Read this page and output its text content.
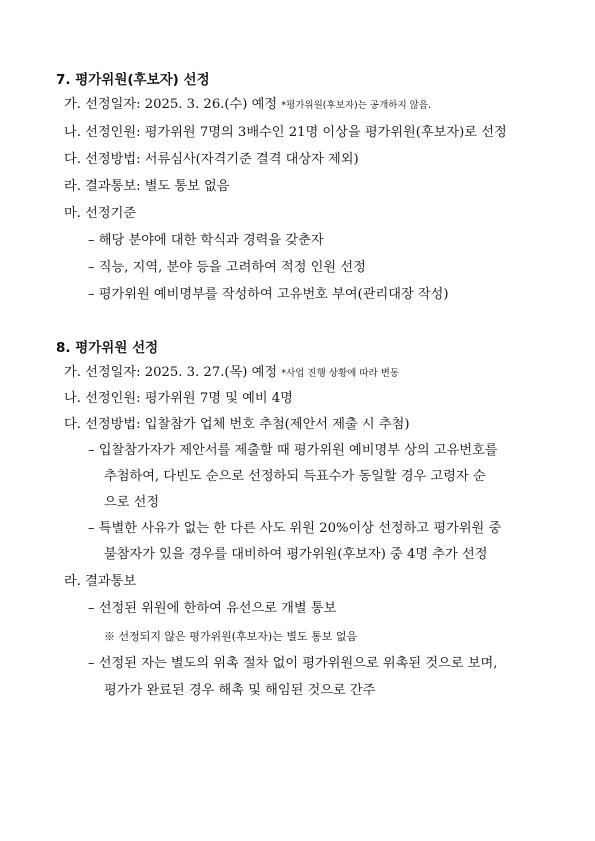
7. 평가위원(후보자) 선정
가. 선정일자: 2025. 3. 26.(수) 예정 *평가위원(후보자)는 공개하지 않음.
나. 선정인원: 평가위원 7명의 3배수인 21명 이상을 평가위원(후보자)로 선정
다. 선정방법: 서류심사(자격기준 결격 대상자 제외)
라. 결과통보: 별도 통보 없음
마. 선정기준
– 해당 분야에 대한 학식과 경력을 갖춘자
– 직능, 지역, 분야 등을 고려하여 적정 인원 선정
– 평가위원 예비명부를 작성하여 고유번호 부여(관리대장 작성)
8. 평가위원 선정
가. 선정일자: 2025. 3. 27.(목) 예정 *사업 진행 상황에 따라 변동
나. 선정인원: 평가위원 7명 및 예비 4명
다. 선정방법: 입찰참가 업체 번호 추첨(제안서 제출 시 추첨)
– 입찰참가자가 제안서를 제출할 때 평가위원 예비명부 상의 고유번호를
추첨하여, 다빈도 순으로 선정하되 득표수가 동일할 경우 고령자 순
으로 선정
– 특별한 사유가 없는 한 다른 사도 위원 20%이상 선정하고 평가위원 중
불참자가 있을 경우를 대비하여 평가위원(후보자) 중 4명 추가 선정
라. 결과통보
– 선정된 위원에 한하여 유선으로 개별 통보
※ 선정되지 않은 평가위원(후보자)는 별도 통보 없음
– 선정된 자는 별도의 위촉 절차 없이 평가위원으로 위촉된 것으로 보며,
평가가 완료된 경우 해촉 및 해임된 것으로 간주
